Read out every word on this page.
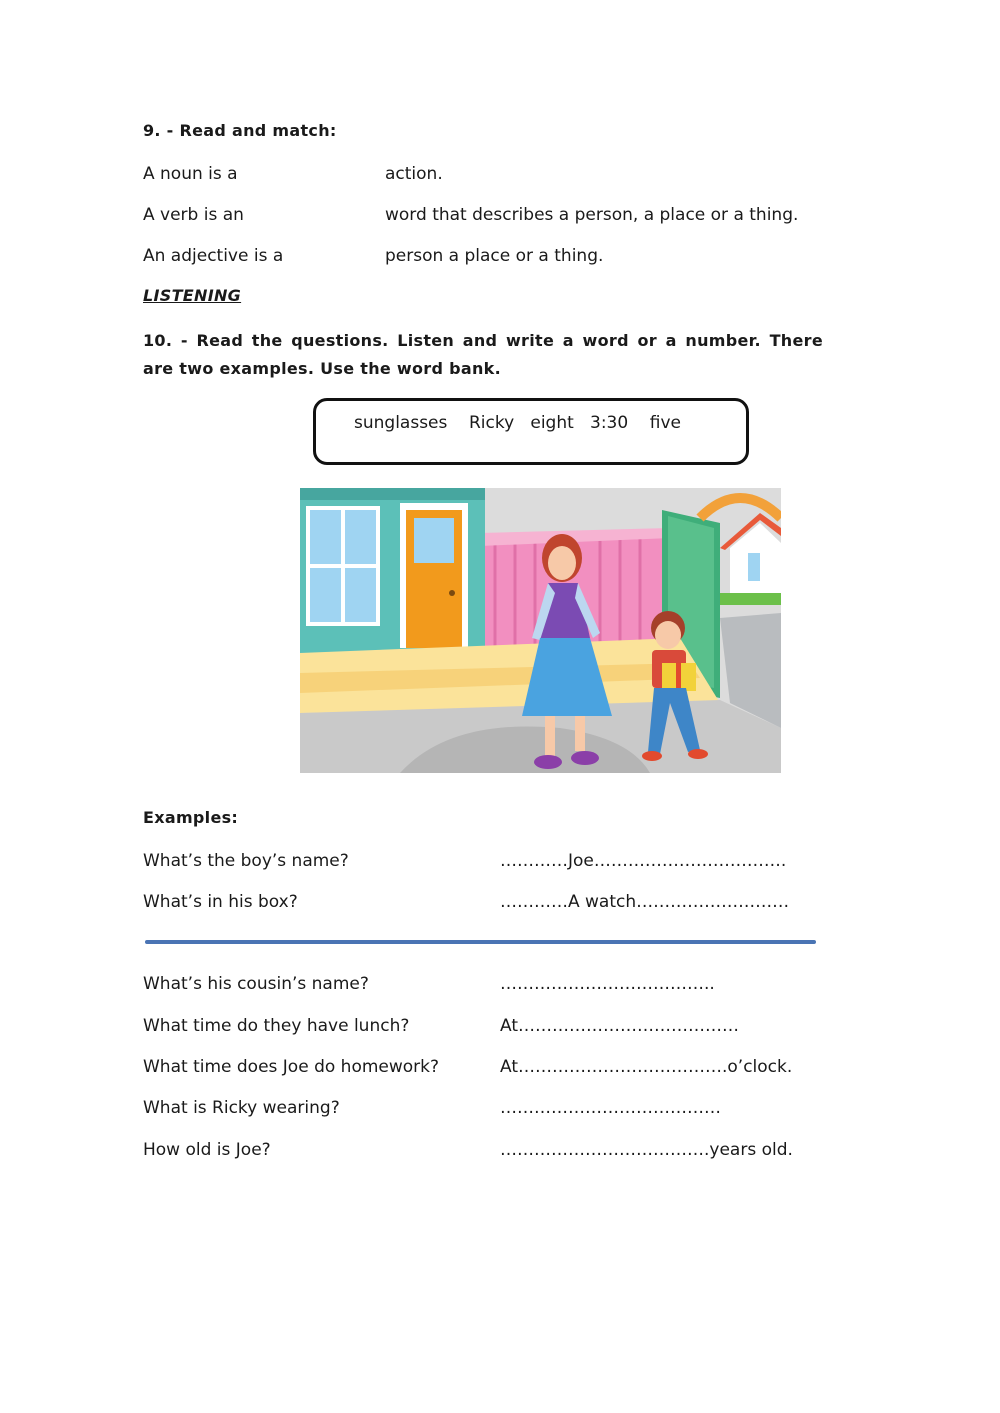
9. - Read and match:
A noun is a	action.
A verb is an	word that describes a person, a place or a thing.
An adjective is a	person a place or a thing.
LISTENING
10. - Read the questions. Listen and write a word or a number. There are two examples. Use the word bank.
sunglasses    Ricky   eight   3:30    five
Examples:
What’s the boy’s name?	…………Joe…………………………….
What’s in his box?	…………A watch………………………
What’s his cousin’s name?	………………………………..
What time do they have lunch?	At…………………………………
What time does Joe do homework?	At……………………………….o’clock.
What is Ricky wearing?	…………………………………
How old is Joe?	……………………………….years old.
